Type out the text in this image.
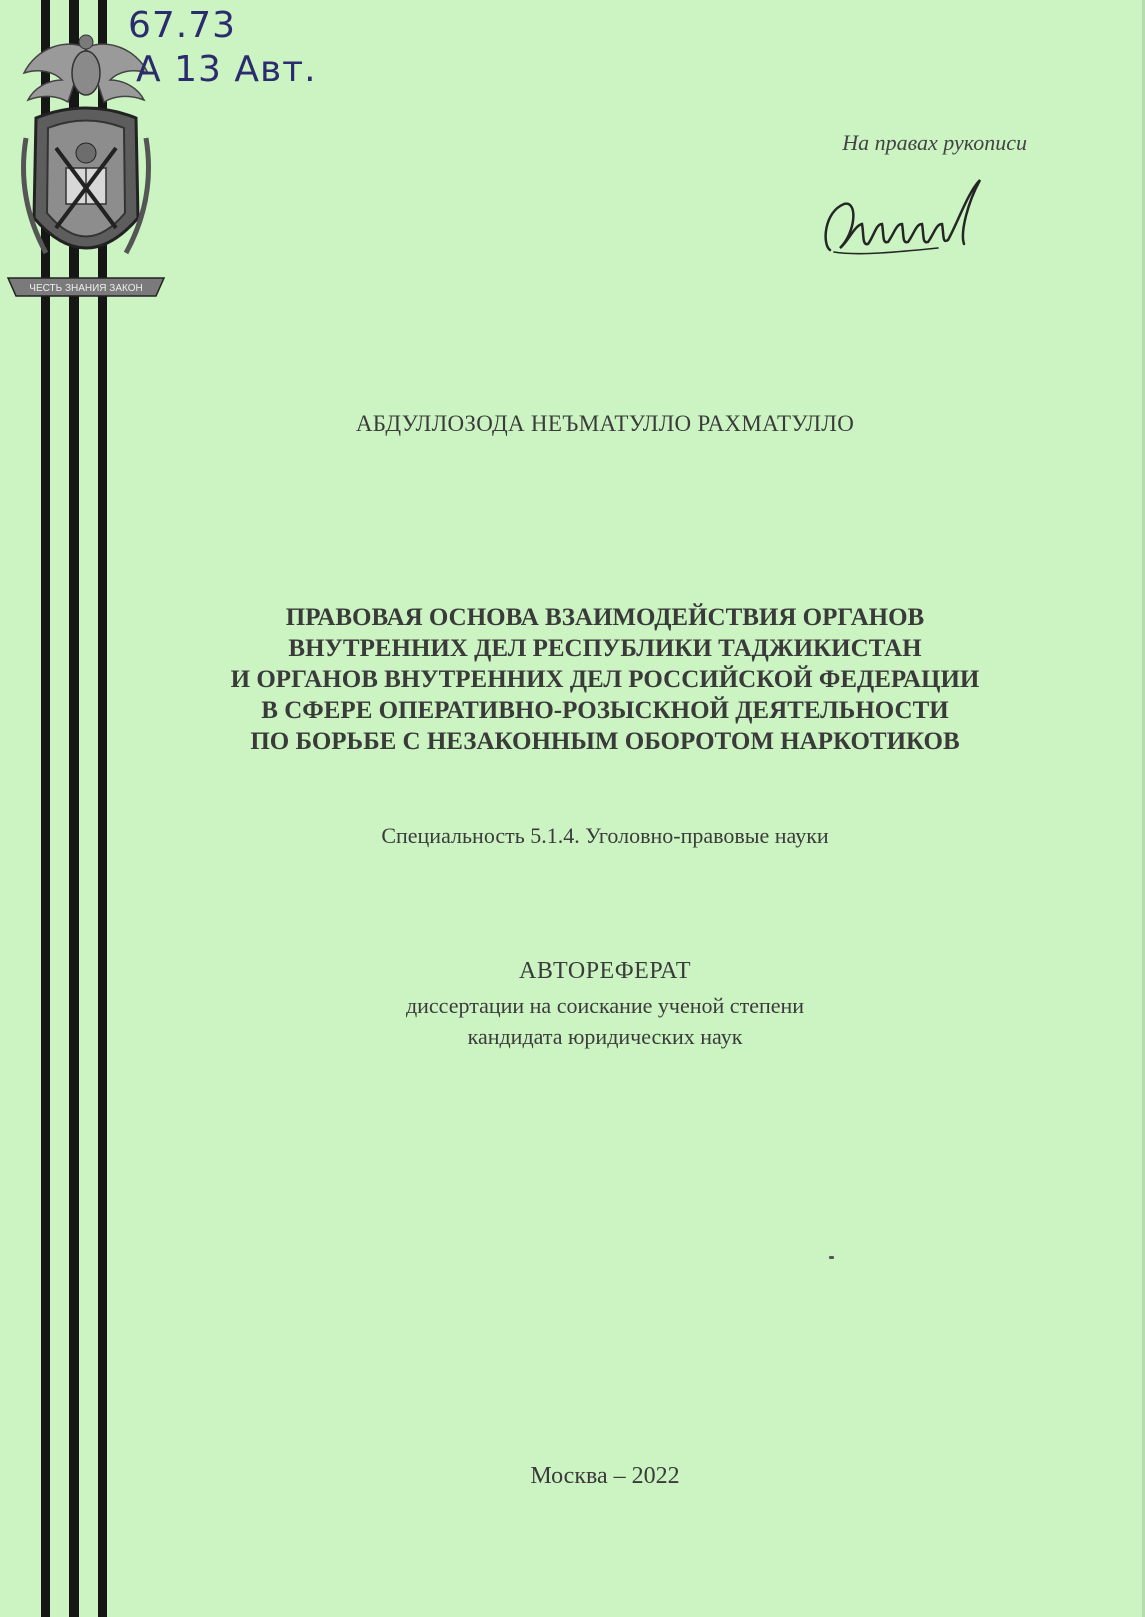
ЧЕСТЬ ЗНАНИЯ ЗАКОН
67.73
А 13 Авт.
На правах рукописи
АБДУЛЛОЗОДА НЕЪМАТУЛЛО РАХМАТУЛЛО
ПРАВОВАЯ ОСНОВА ВЗАИМОДЕЙСТВИЯ ОРГАНОВ
ВНУТРЕННИХ ДЕЛ РЕСПУБЛИКИ ТАДЖИКИСТАН
И ОРГАНОВ ВНУТРЕННИХ ДЕЛ РОССИЙСКОЙ ФЕДЕРАЦИИ
В СФЕРЕ ОПЕРАТИВНО-РОЗЫСКНОЙ ДЕЯТЕЛЬНОСТИ
ПО БОРЬБЕ С НЕЗАКОННЫМ ОБОРОТОМ НАРКОТИКОВ
Специальность 5.1.4. Уголовно-правовые науки
АВТОРЕФЕРАТ
диссертации на соискание ученой степени
кандидата юридических наук
Москва – 2022
